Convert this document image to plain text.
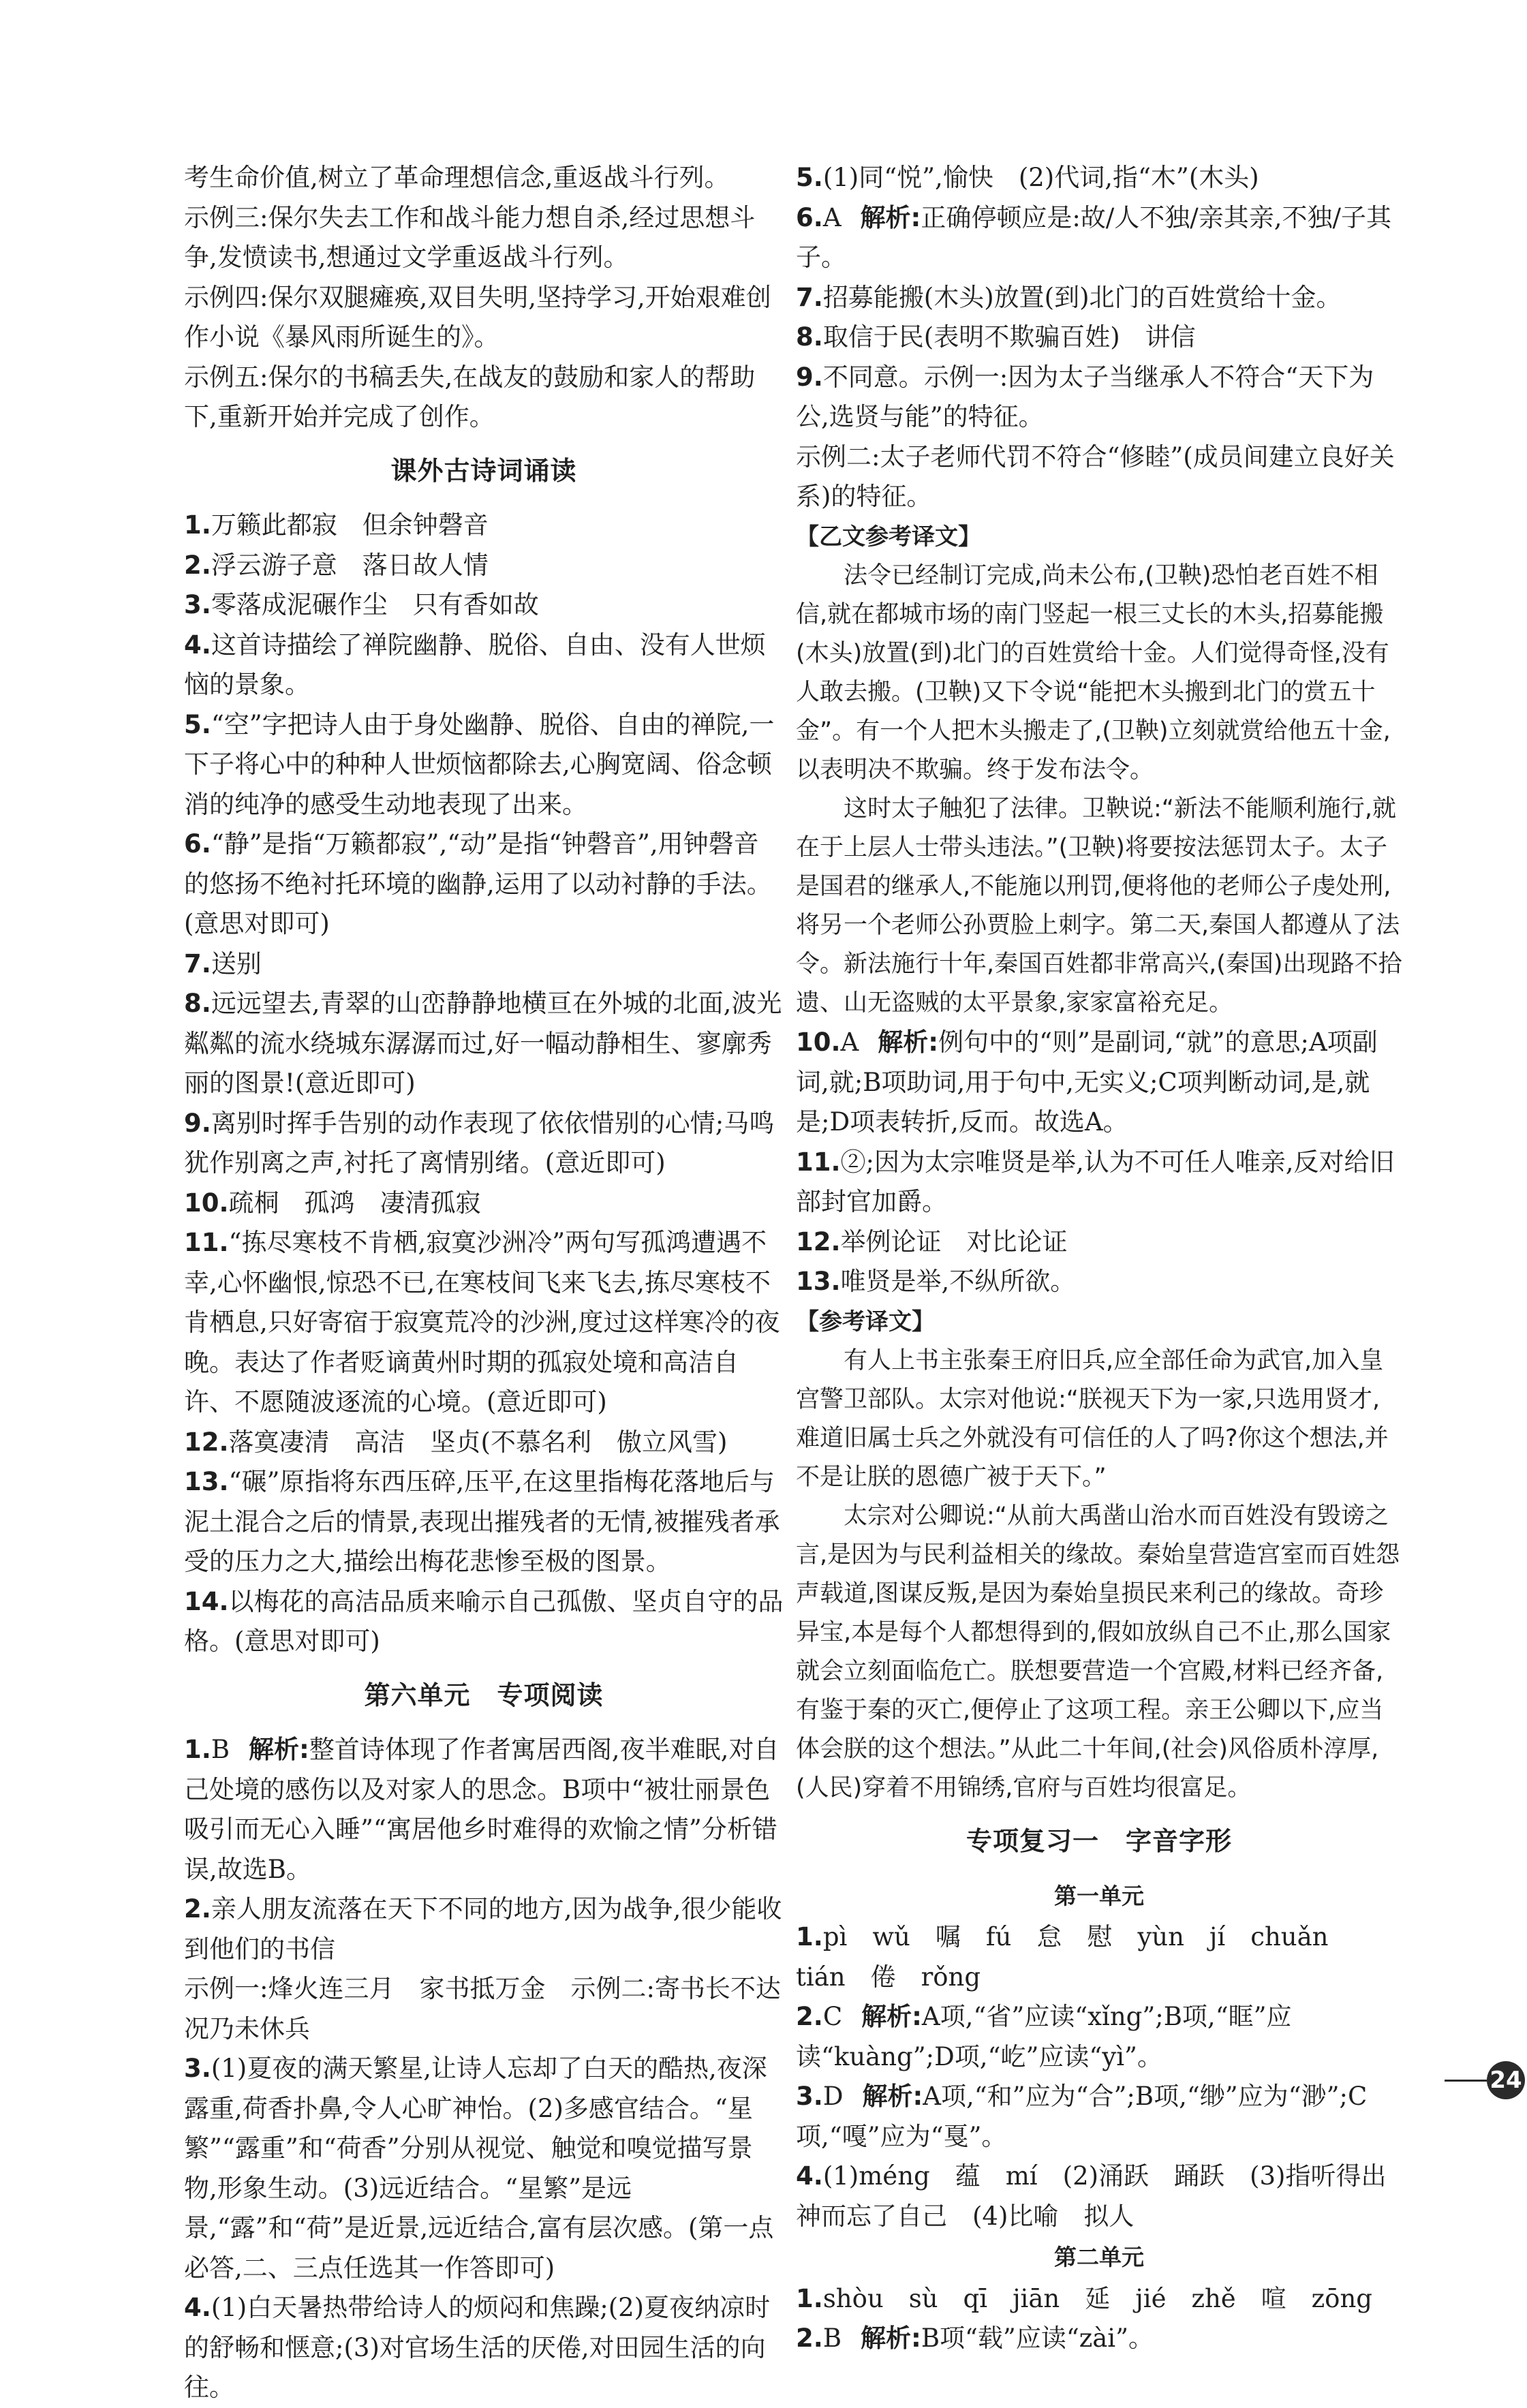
考生命价值,树立了革命理想信念,重返战斗行列。

示例三:保尔失去工作和战斗能力想自杀,经过思想斗争,发愤读书,想通过文学重返战斗行列。

示例四:保尔双腿瘫痪,双目失明,坚持学习,开始艰难创作小说《暴风雨所诞生的》。

示例五:保尔的书稿丢失,在战友的鼓励和家人的帮助下,重新开始并完成了创作。

课外古诗词诵读

1.万籁此都寂　但余钟磬音

2.浮云游子意　落日故人情

3.零落成泥碾作尘　只有香如故

4.这首诗描绘了禅院幽静、脱俗、自由、没有人世烦恼的景象。

5.“空”字把诗人由于身处幽静、脱俗、自由的禅院,一下子将心中的种种人世烦恼都除去,心胸宽阔、俗念顿消的纯净的感受生动地表现了出来。

6.“静”是指“万籁都寂”,“动”是指“钟磬音”,用钟磬音的悠扬不绝衬托环境的幽静,运用了以动衬静的手法。(意思对即可)

7.送别

8.远远望去,青翠的山峦静静地横亘在外城的北面,波光粼粼的流水绕城东潺潺而过,好一幅动静相生、寥廓秀丽的图景!(意近即可)

9.离别时挥手告别的动作表现了依依惜别的心情;马鸣犹作别离之声,衬托了离情别绪。(意近即可)

10.疏桐　孤鸿　凄清孤寂

11.“拣尽寒枝不肯栖,寂寞沙洲冷”两句写孤鸿遭遇不幸,心怀幽恨,惊恐不已,在寒枝间飞来飞去,拣尽寒枝不肯栖息,只好寄宿于寂寞荒冷的沙洲,度过这样寒冷的夜晚。表达了作者贬谪黄州时期的孤寂处境和高洁自许、不愿随波逐流的心境。(意近即可)

12.落寞凄清　高洁　坚贞(不慕名利　傲立风雪)

13.“碾”原指将东西压碎,压平,在这里指梅花落地后与泥土混合之后的情景,表现出摧残者的无情,被摧残者承受的压力之大,描绘出梅花悲惨至极的图景。

14.以梅花的高洁品质来喻示自己孤傲、坚贞自守的品格。(意思对即可)

第六单元　专项阅读

1.B 解析:整首诗体现了作者寓居西阁,夜半难眠,对自己处境的感伤以及对家人的思念。B项中“被壮丽景色吸引而无心入睡”“寓居他乡时难得的欢愉之情”分析错误,故选B。

2.亲人朋友流落在天下不同的地方,因为战争,很少能收到他们的书信

示例一:烽火连三月　家书抵万金　示例二:寄书长不达　况乃未休兵

3.(1)夏夜的满天繁星,让诗人忘却了白天的酷热,夜深露重,荷香扑鼻,令人心旷神怡。(2)多感官结合。“星繁”“露重”和“荷香”分别从视觉、触觉和嗅觉描写景物,形象生动。(3)远近结合。“星繁”是远景,“露”和“荷”是近景,远近结合,富有层次感。(第一点必答,二、三点任选其一作答即可)

4.(1)白天暑热带给诗人的烦闷和焦躁;(2)夏夜纳凉时的舒畅和惬意;(3)对官场生活的厌倦,对田园生活的向往。

5.(1)同“悦”,愉快　(2)代词,指“木”(木头)

6.A 解析:正确停顿应是:故/人不独/亲其亲,不独/子其子。

7.招募能搬(木头)放置(到)北门的百姓赏给十金。

8.取信于民(表明不欺骗百姓)　讲信

9.不同意。示例一:因为太子当继承人不符合“天下为公,选贤与能”的特征。

示例二:太子老师代罚不符合“修睦”(成员间建立良好关系)的特征。

【乙文参考译文】

法令已经制订完成,尚未公布,(卫鞅)恐怕老百姓不相信,就在都城市场的南门竖起一根三丈长的木头,招募能搬(木头)放置(到)北门的百姓赏给十金。人们觉得奇怪,没有人敢去搬。(卫鞅)又下令说“能把木头搬到北门的赏五十金”。有一个人把木头搬走了,(卫鞅)立刻就赏给他五十金,以表明决不欺骗。终于发布法令。

这时太子触犯了法律。卫鞅说:“新法不能顺利施行,就在于上层人士带头违法。”(卫鞅)将要按法惩罚太子。太子是国君的继承人,不能施以刑罚,便将他的老师公子虔处刑,将另一个老师公孙贾脸上刺字。第二天,秦国人都遵从了法令。新法施行十年,秦国百姓都非常高兴,(秦国)出现路不拾遗、山无盗贼的太平景象,家家富裕充足。

10.A 解析:例句中的“则”是副词,“就”的意思;A项副词,就;B项助词,用于句中,无实义;C项判断动词,是,就是;D项表转折,反而。故选A。

11.②;因为太宗唯贤是举,认为不可任人唯亲,反对给旧部封官加爵。

12.举例论证　对比论证

13.唯贤是举,不纵所欲。

【参考译文】

有人上书主张秦王府旧兵,应全部任命为武官,加入皇宫警卫部队。太宗对他说:“朕视天下为一家,只选用贤才,难道旧属士兵之外就没有可信任的人了吗?你这个想法,并不是让朕的恩德广被于天下。”

太宗对公卿说:“从前大禹凿山治水而百姓没有毁谤之言,是因为与民利益相关的缘故。秦始皇营造宫室而百姓怨声载道,图谋反叛,是因为秦始皇损民来利己的缘故。奇珍异宝,本是每个人都想得到的,假如放纵自己不止,那么国家就会立刻面临危亡。朕想要营造一个宫殿,材料已经齐备,有鉴于秦的灭亡,便停止了这项工程。亲王公卿以下,应当体会朕的这个想法。”从此二十年间,(社会)风俗质朴淳厚,(人民)穿着不用锦绣,官府与百姓均很富足。

专项复习一　字音字形
第一单元

1.pì　wǔ　嘱　fú　怠　慰　yùn　jí　chuǎn　tián　倦　rǒng

2.C 解析:A项,“省”应读“xǐng”;B项,“眶”应读“kuàng”;D项,“屹”应读“yì”。

3.D 解析:A项,“和”应为“合”;B项,“缈”应为“渺”;C项,“嘎”应为“戛”。

4.(1)méng　蕴　mí　(2)涌跃　踊跃　(3)指听得出神而忘了自己　(4)比喻　拟人

第二单元

1.shòu　sù　qī　jiān　延　jié　zhě　喧　zōng

2.B 解析:B项“载”应读“zài”。

24
